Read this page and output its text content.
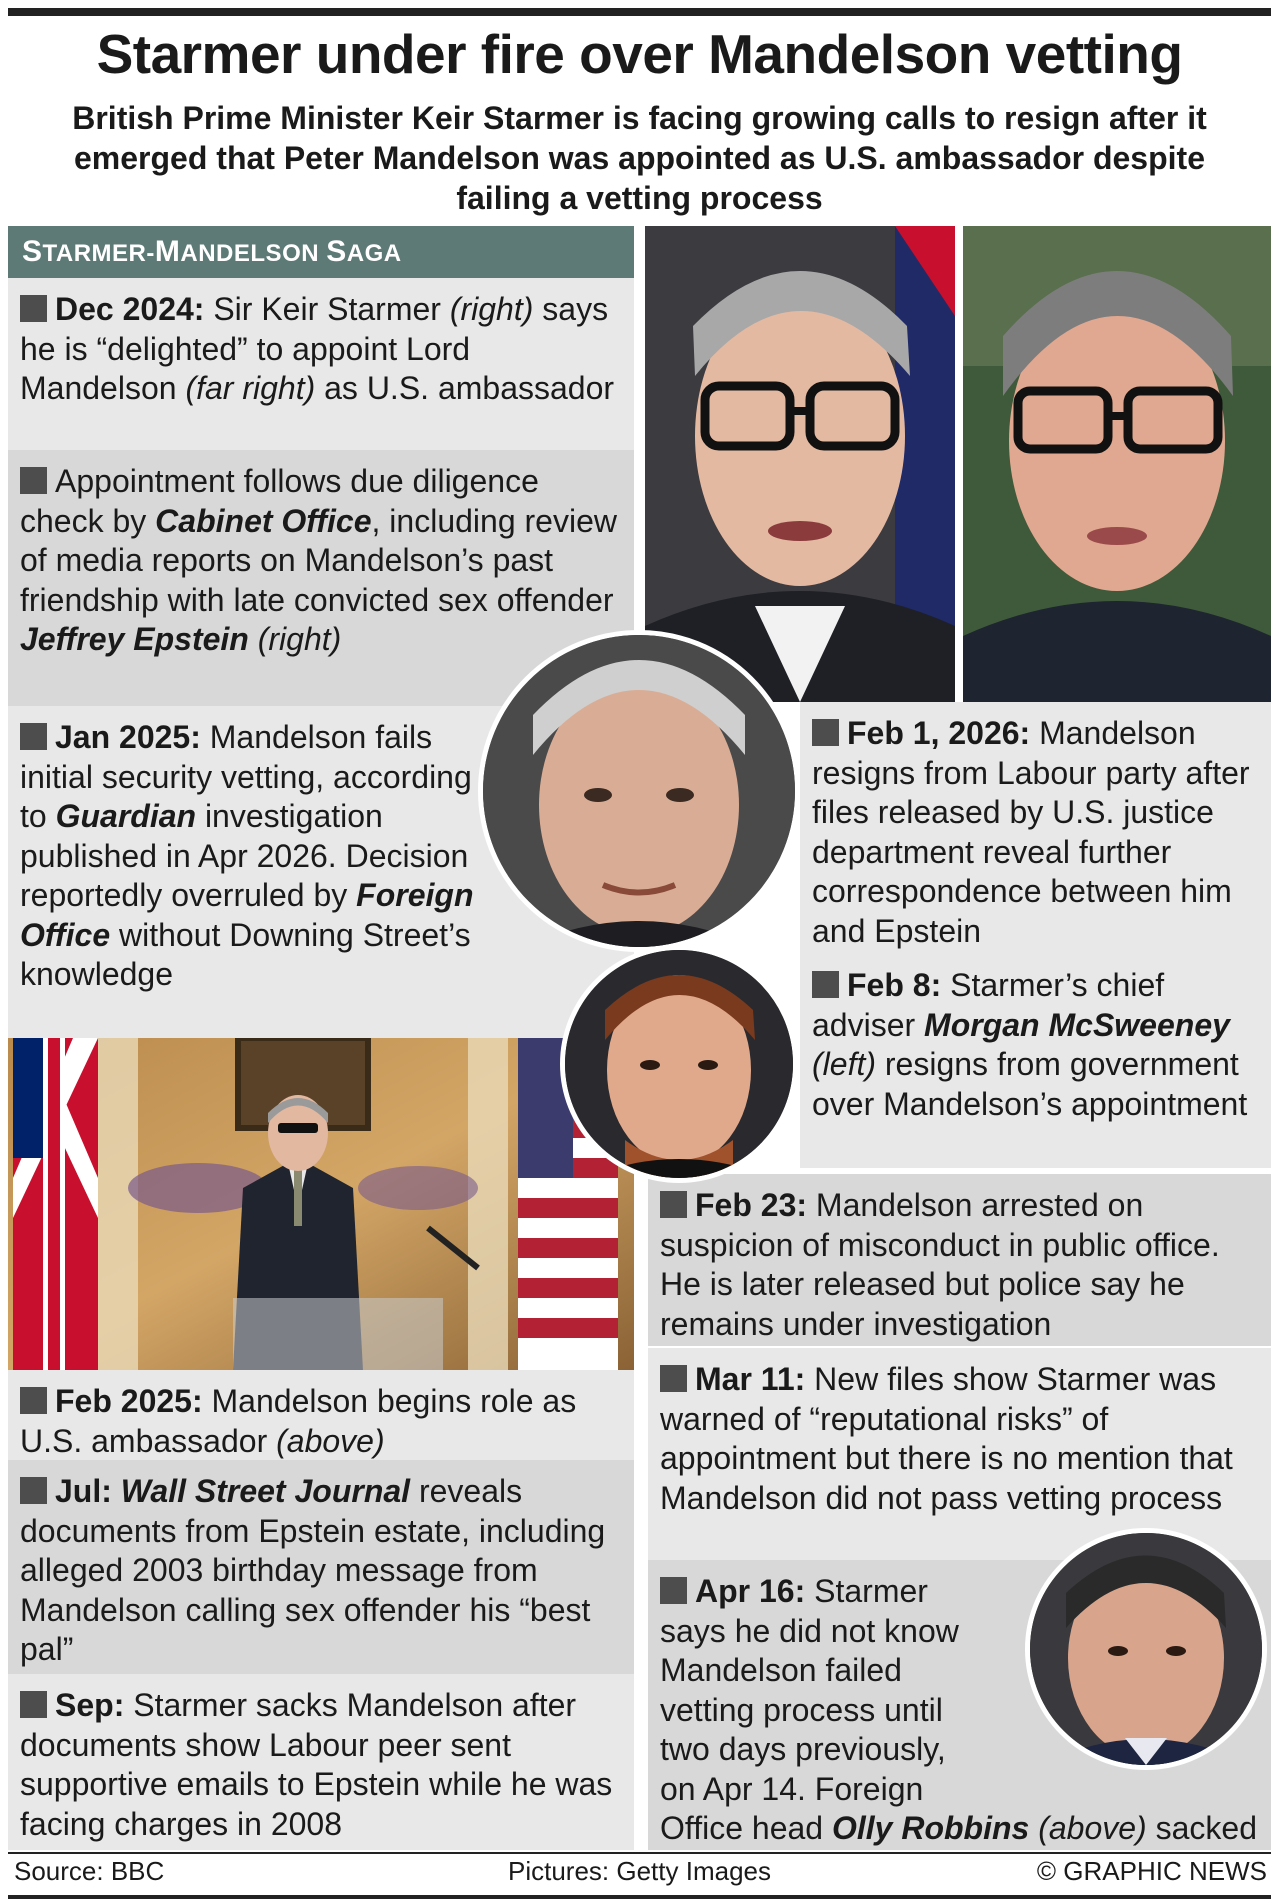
Starmer under fire over Mandelson vetting
British Prime Minister Keir Starmer is facing growing calls to resign after it emerged that Peter Mandelson was appointed as U.S. ambassador despite failing a vetting process
STARMER-MANDELSON SAGA
Dec 2024: Sir Keir Starmer (right) says he is “delighted” to appoint Lord Mandelson (far right) as U.S. ambassador
Appointment follows due diligence check by Cabinet Office, including review of media reports on Mandelson’s past friendship with late convicted sex offender Jeffrey Epstein (right)
Jan 2025: Mandelson fails initial security vetting, according to Guardian investigation published in Apr 2026. Decision reportedly overruled by Foreign Office without Downing Street’s knowledge
Feb 2025: Mandelson begins role as U.S. ambassador (above)
Jul: Wall Street Journal reveals documents from Epstein estate, including alleged 2003 birthday message from Mandelson calling sex offender his “best pal”
Sep: Starmer sacks Mandelson after documents show Labour peer sent supportive emails to Epstein while he was facing charges in 2008
Feb 1, 2026: Mandelson resigns from Labour party after files released by U.S. justice department reveal further correspondence between him and Epstein
Feb 8: Starmer’s chief adviser Morgan McSweeney (left) resigns from government over Mandelson’s appointment
Feb 23: Mandelson arrested on suspicion of misconduct in public office. He is later released but police say he remains under investigation
Mar 11: New files show Starmer was warned of “reputational risks” of appointment but there is no mention that Mandelson did not pass vetting process
Apr 16: Starmer says he did not know Mandelson failed vetting process until two days previously, on Apr 14. Foreign Office head Olly Robbins (above) sacked
Source: BBC	Pictures: Getty Images	© GRAPHIC NEWS
